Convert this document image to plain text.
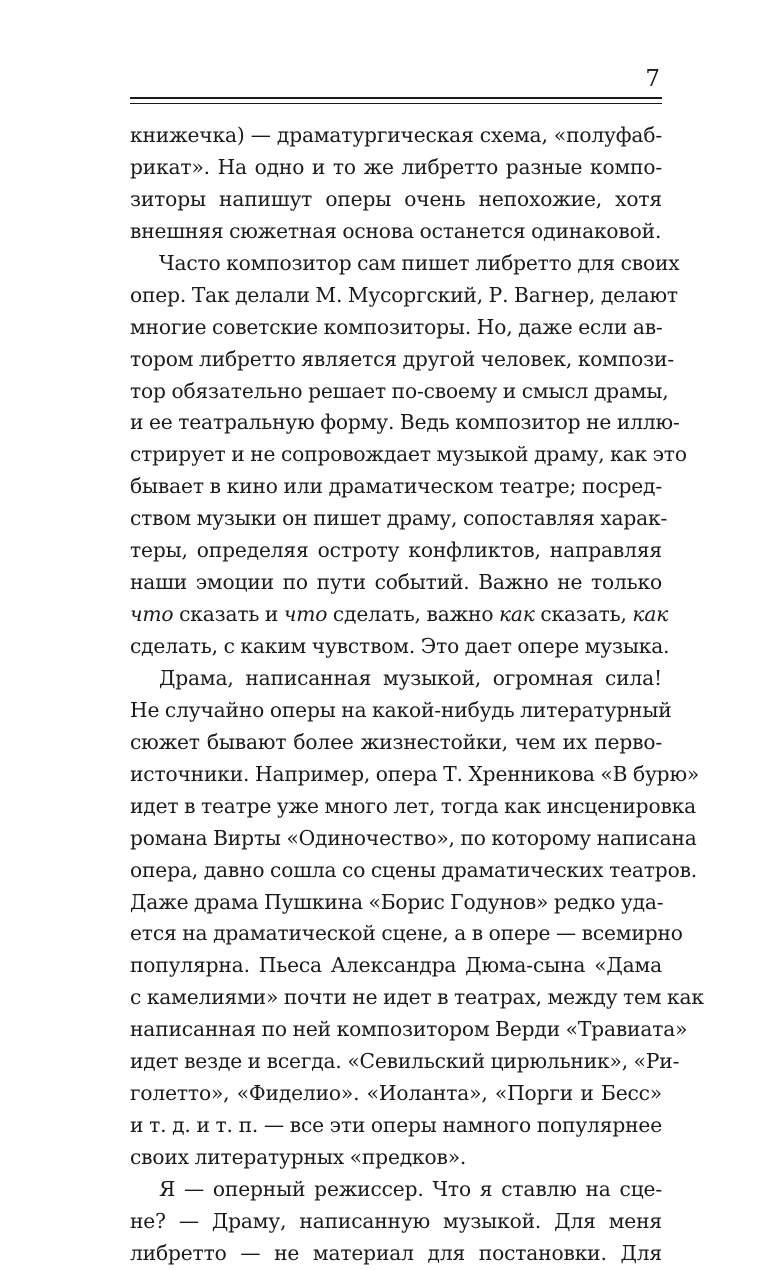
7
книжечка) — драматургическая схема, «полуфаб-
рикат». На одно и то же либретто разные компо-
зиторы напишут оперы очень непохожие, хотя
внешняя сюжетная основа останется одинаковой.
Часто композитор сам пишет либретто для своих
опер. Так делали М. Мусоргский, Р. Вагнер, делают
многие советские композиторы. Но, даже если ав-
тором либретто является другой человек, компози-
тор обязательно решает по-своему и смысл драмы,
и ее театральную форму. Ведь композитор не иллю-
стрирует и не сопровождает музыкой драму, как это
бывает в кино или драматическом театре; посред-
ством музыки он пишет драму, сопоставляя харак-
теры, определяя остроту конфликтов, направляя
наши эмоции по пути событий. Важно не только
что сказать и что сделать, важно как сказать, как
сделать, с каким чувством. Это дает опере музыка.
Драма, написанная музыкой, огромная сила!
Не случайно оперы на какой-нибудь литературный
сюжет бывают более жизнестойки, чем их перво-
источники. Например, опера Т. Хренникова «В бурю»
идет в театре уже много лет, тогда как инсценировка
романа Вирты «Одиночество», по которому написана
опера, давно сошла со сцены драматических театров.
Даже драма Пушкина «Борис Годунов» редко уда-
ется на драматической сцене, а в опере — всемирно
популярна. Пьеса Александра Дюма-сына «Дама
с камелиями» почти не идет в театрах, между тем как
написанная по ней композитором Верди «Травиата»
идет везде и всегда. «Севильский цирюльник», «Ри-
голетто», «Фиделио». «Иоланта», «Порги и Бесс»
и т. д. и т. п. — все эти оперы намного популярнее
своих литературных «предков».
Я — оперный режиссер. Что я ставлю на сце-
не? — Драму, написанную музыкой. Для меня
либретто — не материал для постановки. Для
